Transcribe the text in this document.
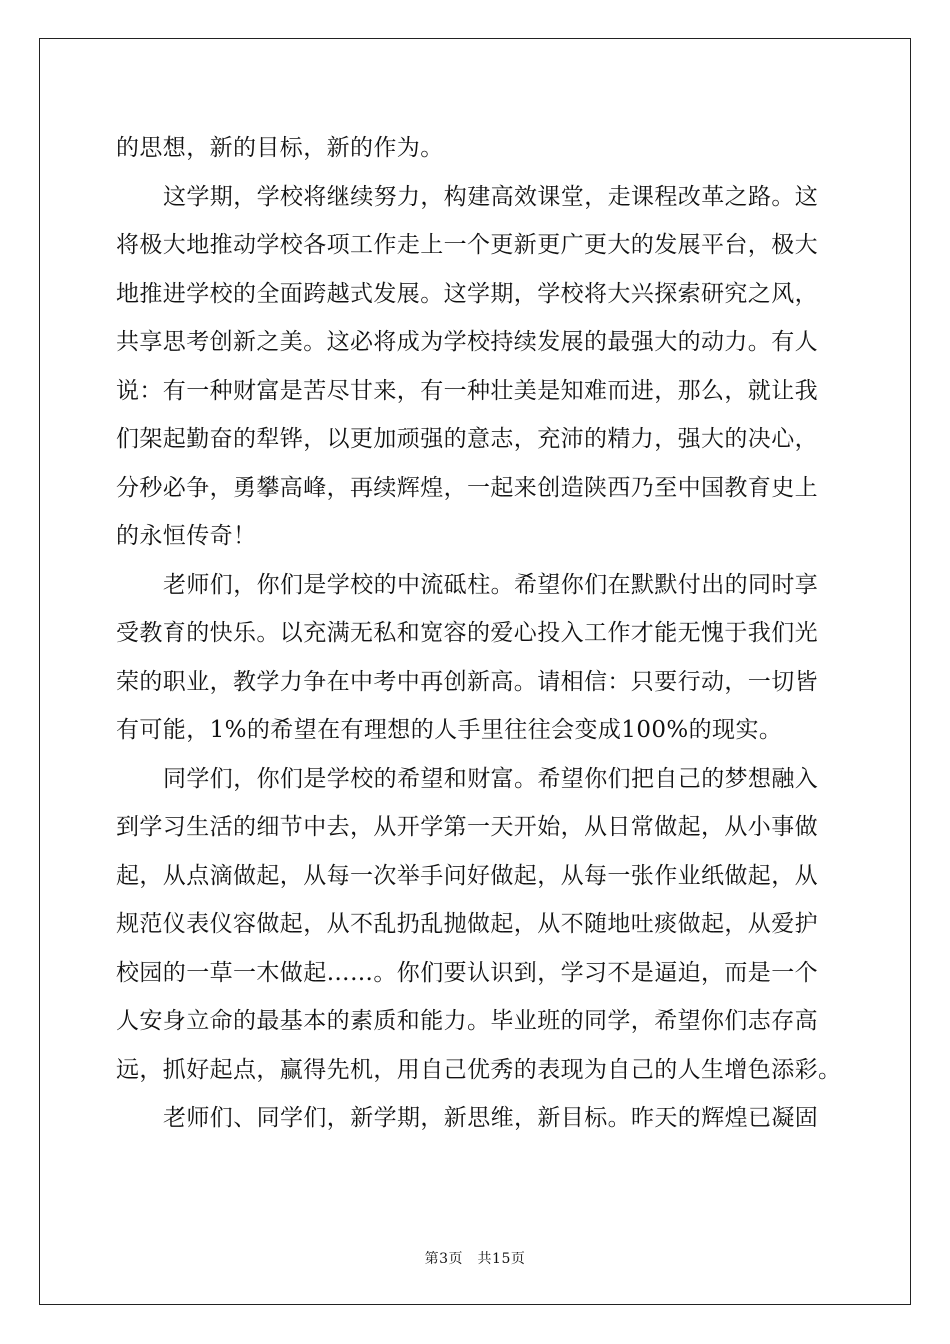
的思想，新的目标，新的作为。
这学期，学校将继续努力，构建高效课堂，走课程改革之路。这
将极大地推动学校各项工作走上一个更新更广更大的发展平台，极大
地推进学校的全面跨越式发展。这学期，学校将大兴探索研究之风，
共享思考创新之美。这必将成为学校持续发展的最强大的动力。有人
说：有一种财富是苦尽甘来，有一种壮美是知难而进，那么，就让我
们架起勤奋的犁铧，以更加顽强的意志，充沛的精力，强大的决心，
分秒必争，勇攀高峰，再续辉煌，一起来创造陕西乃至中国教育史上
的永恒传奇！
老师们，你们是学校的中流砥柱。希望你们在默默付出的同时享
受教育的快乐。以充满无私和宽容的爱心投入工作才能无愧于我们光
荣的职业，教学力争在中考中再创新高。请相信：只要行动，一切皆
有可能，1%的希望在有理想的人手里往往会变成100%的现实。
同学们，你们是学校的希望和财富。希望你们把自己的梦想融入
到学习生活的细节中去，从开学第一天开始，从日常做起，从小事做
起，从点滴做起，从每一次举手问好做起，从每一张作业纸做起，从
规范仪表仪容做起，从不乱扔乱抛做起，从不随地吐痰做起，从爱护
校园的一草一木做起……。你们要认识到，学习不是逼迫，而是一个
人安身立命的最基本的素质和能力。毕业班的同学，希望你们志存高
远，抓好起点，赢得先机，用自己优秀的表现为自己的人生增色添彩。
老师们、同学们，新学期，新思维，新目标。昨天的辉煌已凝固
第3页　共15页
